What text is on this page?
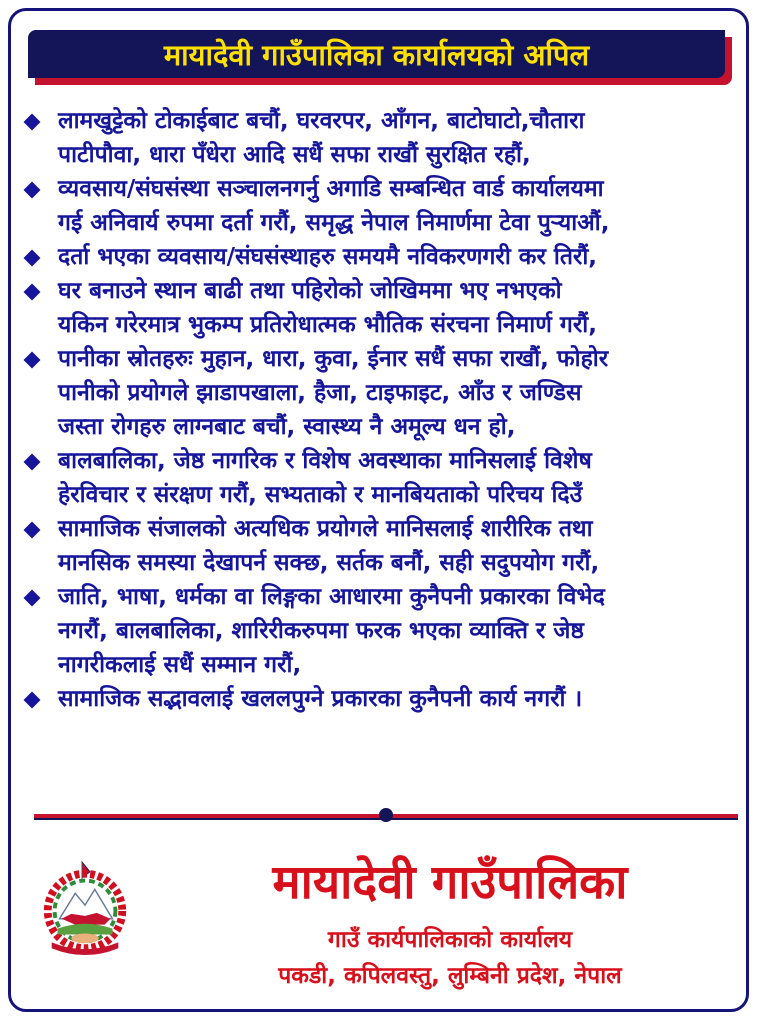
मायादेवी गाउँपालिका कार्यालयको अपिल
लामखुट्टेको टोकाईबाट बचौं, घरवरपर, आँगन, बाटोघाटो,चौतारा
पाटीपौवा, धारा पँधेरा आदि सधैं सफा राखौं सुरक्षित रहौं,
व्यवसाय/संघसंस्था सञ्चालनगर्नु अगाडि सम्बन्धित वार्ड कार्यालयमा
गई अनिवार्य रुपमा दर्ता गरौं, समृद्ध नेपाल निमार्णमा टेवा पुऱ्याऔं,
दर्ता भएका व्यवसाय/संघसंस्थाहरु समयमै नविकरणगरी कर तिरौं,
घर बनाउने स्थान बाढी तथा पहिरोको जोखिममा भए नभएको
यकिन गरेरमात्र भुकम्प प्रतिरोधात्मक भौतिक संरचना निमार्ण गरौं,
पानीका स्रोतहरुः मुहान, धारा, कुवा, ईनार सधैं सफा राखौं, फोहोर
पानीको प्रयोगले झाडापखाला, हैजा, टाइफाइट, आँउ र जण्डिस
जस्ता रोगहरु लाग्नबाट बचौं, स्वास्थ्य नै अमूल्य धन हो,
बालबालिका, जेष्ठ नागरिक र विशेष अवस्थाका मानिसलाई विशेष
हेरविचार र संरक्षण गरौं, सभ्यताको र मानबियताको परिचय दिउँ
सामाजिक संजालको अत्यधिक प्रयोगले मानिसलाई शारीरिक तथा
मानसिक समस्या देखापर्न सक्छ, सर्तक बनौं, सही सदुपयोग गरौं,
जाति, भाषा, धर्मका वा लिङ्गका आधारमा कुनैपनी प्रकारका विभेद
नगरौं, बालबालिका, शारिरीकरुपमा फरक भएका व्याक्ति र जेष्ठ
नागरीकलाई सधैं सम्मान गरौं,
सामाजिक सद्भावलाई खललपुग्ने प्रकारका कुनैपनी कार्य नगरौं ।
मायादेवी गाउँपालिका
गाउँ कार्यपालिकाको कार्यालय
पकडी, कपिलवस्तु, लुम्बिनी प्रदेश, नेपाल
